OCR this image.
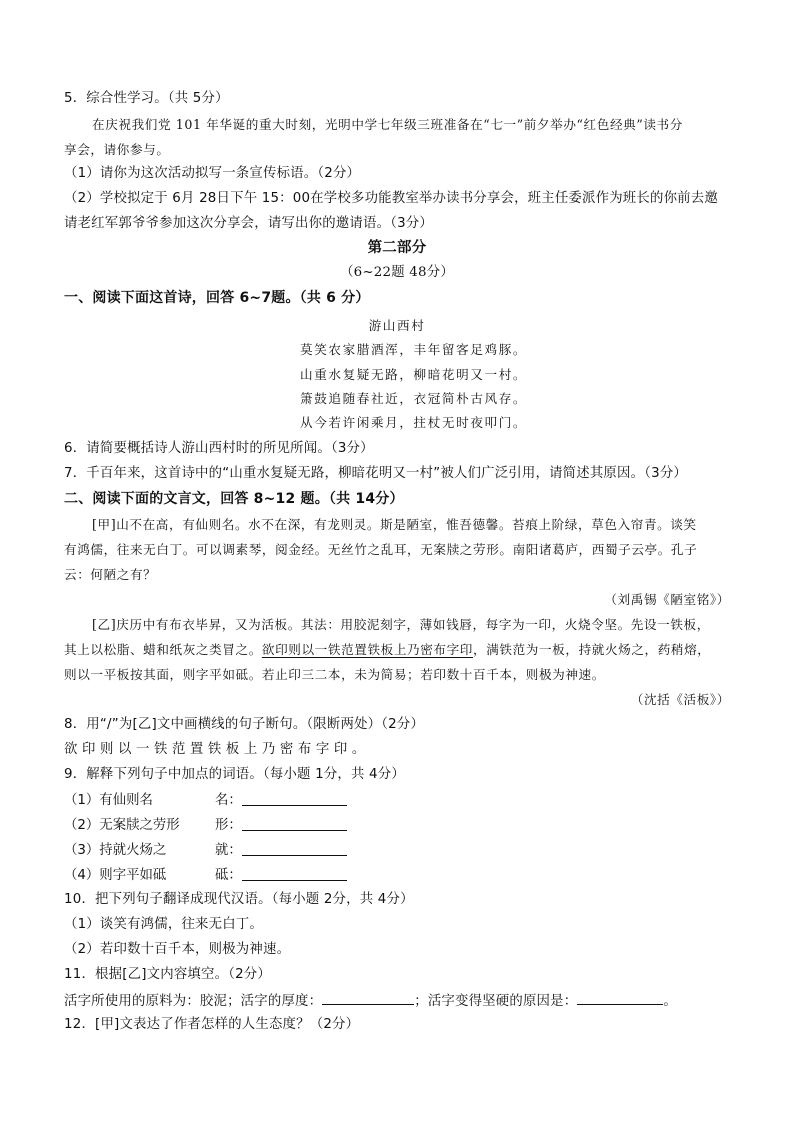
5．综合性学习。（共 5分）
在庆祝我们党 101 年华诞的重大时刻，光明中学七年级三班准备在“七一”前夕举办“红色经典”读书分
享会，请你参与。
（1）请你为这次活动拟写一条宣传标语。（2分）
（2）学校拟定于 6月 28日下午 15：00在学校多功能教室举办读书分享会，班主任委派作为班长的你前去邀
请老红军郭爷爷参加这次分享会，请写出你的邀请语。（3分）
第二部分
（6~22题 48分）
一、阅读下面这首诗，回答 6~7题。（共 6 分）
游山西村
莫笑农家腊酒浑，丰年留客足鸡豚。
山重水复疑无路，柳暗花明又一村。
箫鼓追随春社近，衣冠简朴古风存。
从今若许闲乘月，拄杖无时夜叩门。
6．请简要概括诗人游山西村时的所见所闻。（3分）
7．千百年来，这首诗中的“山重水复疑无路，柳暗花明又一村”被人们广泛引用，请简述其原因。（3分）
二、阅读下面的文言文，回答 8~12 题。（共 14分）
[甲]山不在高，有仙则名。水不在深，有龙则灵。斯是陋室，惟吾德馨。苔痕上阶绿，草色入帘青。谈笑
有鸿儒，往来无白丁。可以调素琴，阅金经。无丝竹之乱耳，无案牍之劳形。南阳诸葛庐，西蜀子云亭。孔子
云：何陋之有？
（刘禹锡《陋室铭》）
[乙]庆历中有布衣毕昇，又为活板。其法：用胶泥刻字，薄如钱唇，每字为一印，火烧令坚。先设一铁板，
其上以松脂、蜡和纸灰之类冒之。欲印则以一铁范置铁板上乃密布字印，满铁范为一板，持就火炀之，药稍熔，
则以一平板按其面，则字平如砥。若止印三二本，未为简易；若印数十百千本，则极为神速。
（沈括《活板》）
8．用“/”为[乙]文中画横线的句子断句。（限断两处）（2分）
欲印则以一铁范置铁板上乃密布字印。
9．解释下列句子中加点的词语。（每小题 1分，共 4分）
（1）有仙则名	名：
（2）无案牍之劳形	形：
（3）持就火炀之	就：
（4）则字平如砥	砥：
10．把下列句子翻译成现代汉语。（每小题 2分，共 4分）
（1）谈笑有鸿儒，往来无白丁。
（2）若印数十百千本，则极为神速。
11．根据[乙]文内容填空。（2分）
活字所使用的原料为：胶泥；活字的厚度：	；活字变得坚硬的原因是：	。
12．[甲]文表达了作者怎样的人生态度？（2分）
